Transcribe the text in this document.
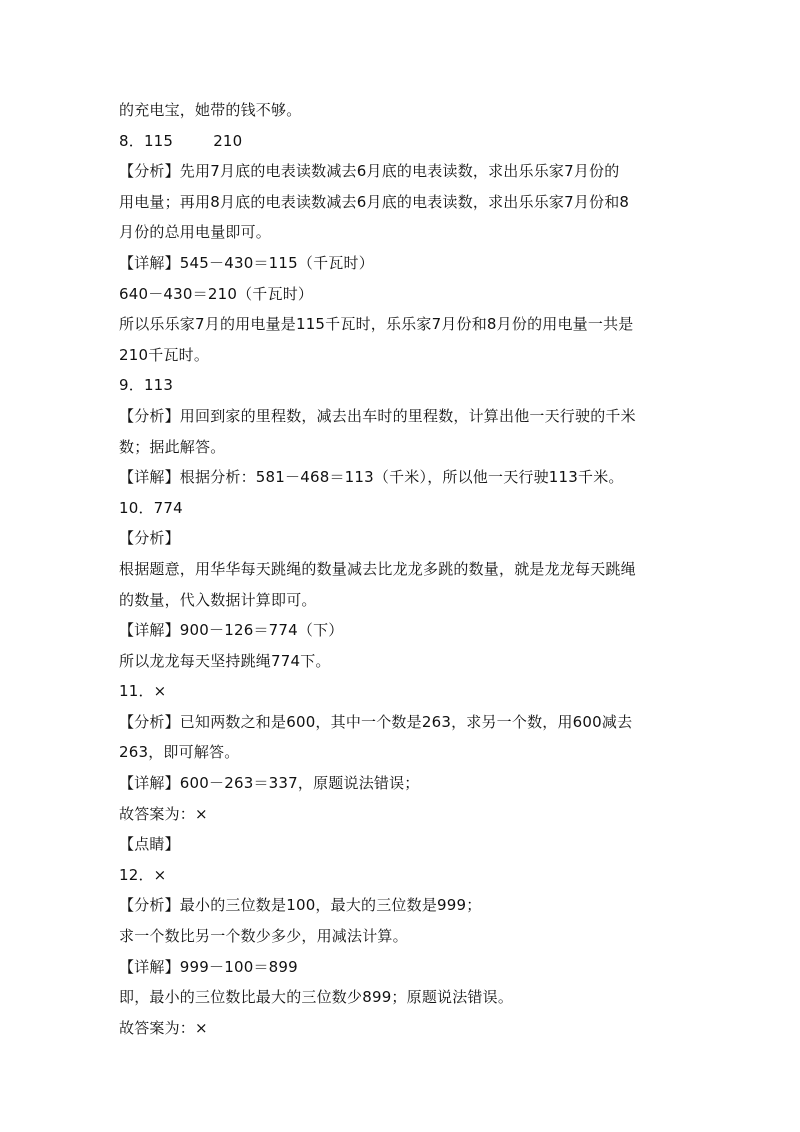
的充电宝，她带的钱不够。
8．115	210
【分析】先用7月底的电表读数减去6月底的电表读数，求出乐乐家7月份的
用电量；再用8月底的电表读数减去6月底的电表读数，求出乐乐家7月份和8
月份的总用电量即可。
【详解】545－430＝115（千瓦时）
640－430＝210（千瓦时）
所以乐乐家7月的用电量是115千瓦时，乐乐家7月份和8月份的用电量一共是
210千瓦时。
9．113
【分析】用回到家的里程数，减去出车时的里程数，计算出他一天行驶的千米
数；据此解答。
【详解】根据分析：581－468＝113（千米），所以他一天行驶113千米。
10．774
【分析】
根据题意，用华华每天跳绳的数量减去比龙龙多跳的数量，就是龙龙每天跳绳
的数量，代入数据计算即可。
【详解】900－126＝774（下）
所以龙龙每天坚持跳绳774下。
11．×
【分析】已知两数之和是600，其中一个数是263，求另一个数，用600减去
263，即可解答。
【详解】600－263＝337，原题说法错误；
故答案为：×
【点睛】
12．×
【分析】最小的三位数是100，最大的三位数是999；
求一个数比另一个数少多少，用减法计算。
【详解】999－100＝899
即，最小的三位数比最大的三位数少899；原题说法错误。
故答案为：×
